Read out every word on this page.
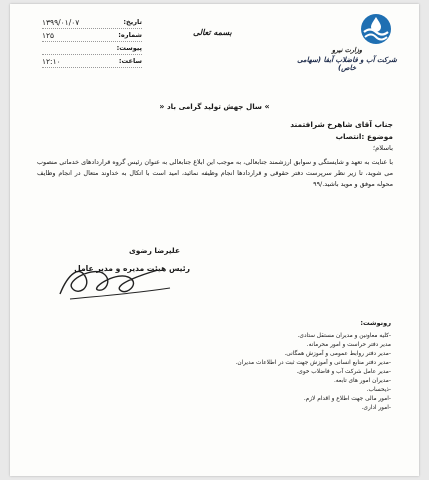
تاریخ:
۱۳۹۹/۰۱/۰۷
شماره:
۱۲۵
پیوست:
ساعت:
۱۲:۱۰
بسمه تعالی
وزارت نیرو
شرکت آب و فاضلاب آبفا (سهامی خاص)
» سال جهش تولید گرامی باد «
جناب آقای شاهرخ شرافتمند
موضوع :انتصاب
باسلام؛
با عنایت به تعهد و شایستگی و سوابق ارزشمند جنابعالی، به موجب این ابلاغ جنابعالی به عنوان رئیس گروه قراردادهای خدماتی منصوب می شوید، تا زیر نظر سرپرست دفتر حقوقی و قراردادها انجام وظیفه نمائید، امید است با اتکال به خداوند متعال در انجام وظایف محوله موفق و موید باشید./۹۹
علیرضا رضوی
رئیس هیئت مدیره و مدیر عامل
رونوشت:
-کلیه معاونین و مدیران مستقل ستادی.
مدیر دفتر حراست و امور محرمانه.
-مدیر دفتر روابط عمومی و آموزش همگانی.
-مدیر دفتر منابع انسانی و آموزش جهت ثبت در اطلاعات مدیران.
-مدیر عامل شرکت آب و فاضلاب خوی.
-مدیران امور های تابعه.
-ذیحساب.
-امور مالی جهت اطلاع و اقدام لازم.
-امور اداری.
